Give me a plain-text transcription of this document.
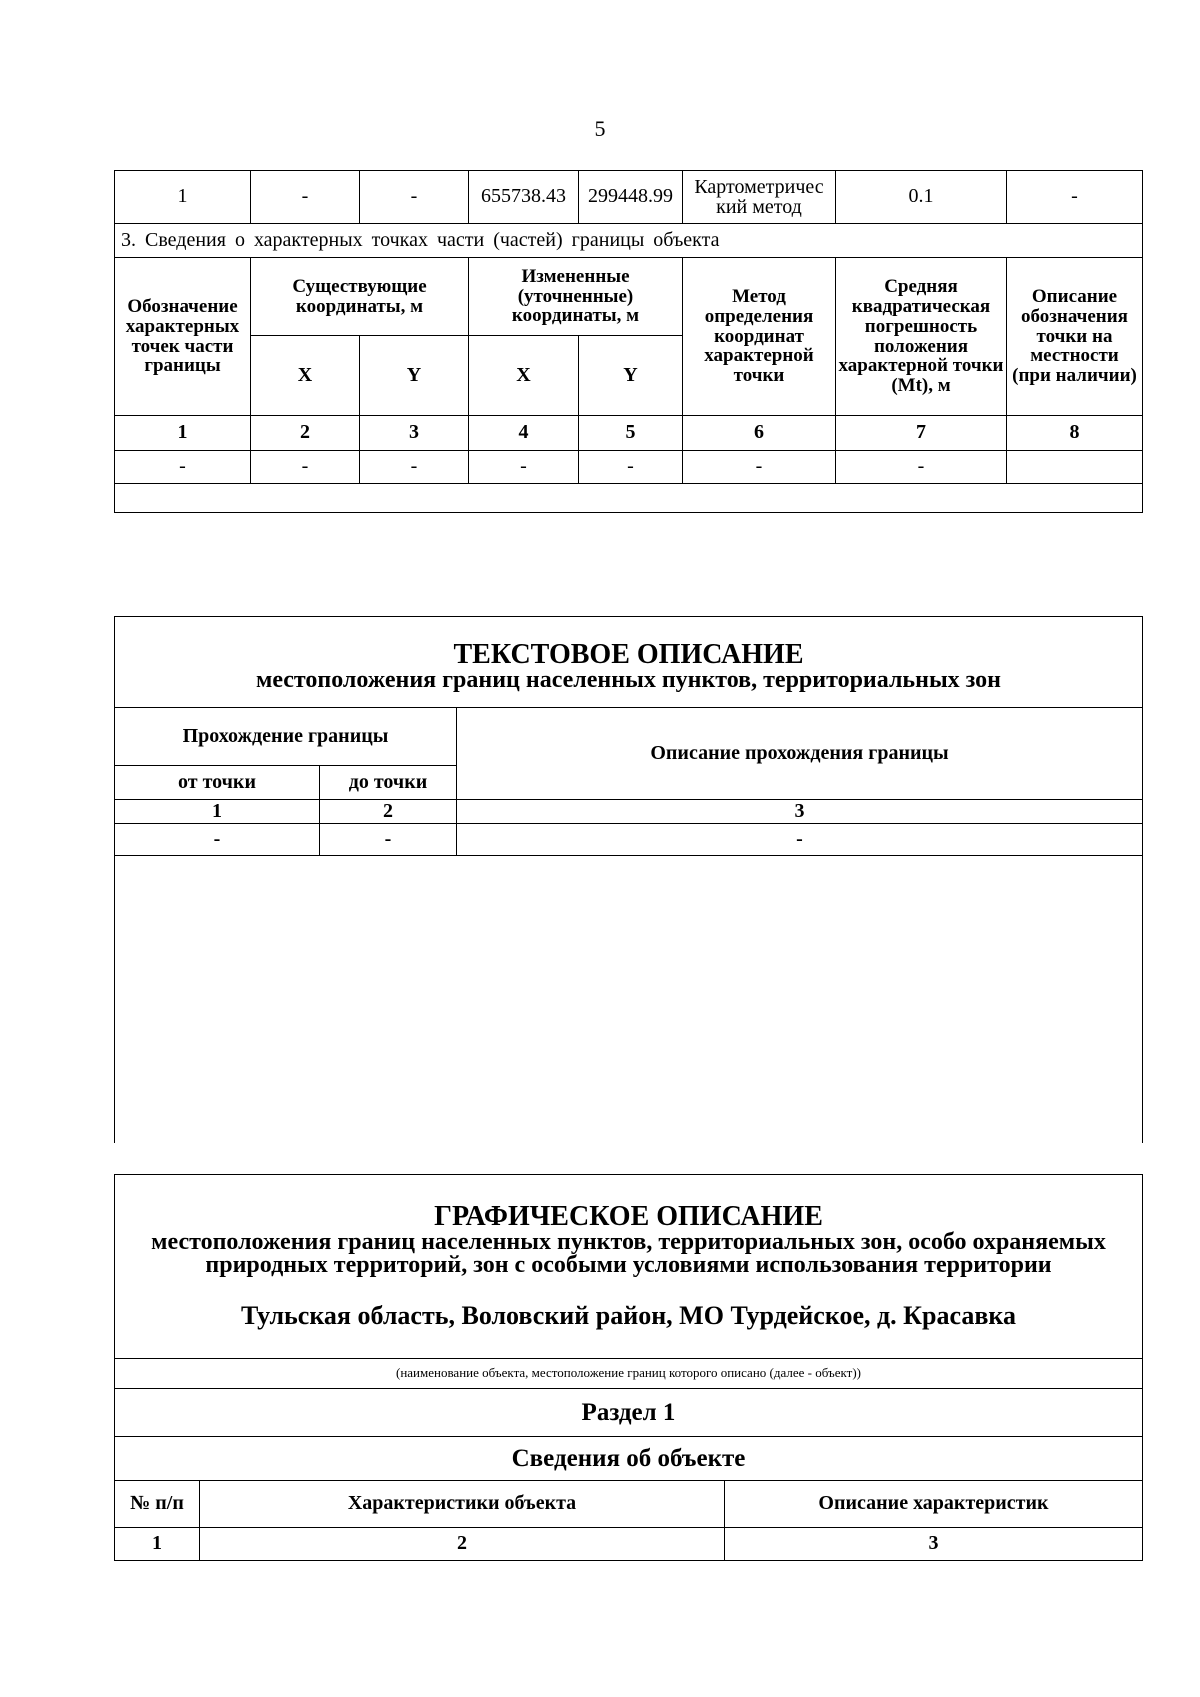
5
1	-	-	655738.43	299448.99	Картометричес кий метод	0.1	-
3. Сведения о характерных точках части (частей) границы объекта							
Обозначение характерных точек части границы	Существующие координаты, м		Измененные (уточненные) координаты, м		Метод определения координат характерной точки	Средняя квадратическая погрешность положения характерной точки (Mt), м	Описание обозначения точки на местности (при наличии)
	X	Y	X	Y			
1	2	3	4	5	6	7	8
-	-	-	-	-	-	-	

ТЕКСТОВОЕ ОПИСАНИЕ
местоположения границ населенных пунктов, территориальных зон		

Прохождение границы		Описание прохождения границы
от точки	до точки	
1	2	3
-	-	-

ГРАФИЧЕСКОЕ ОПИСАНИЕ
местоположения границ населенных пунктов, территориальных зон, особо охраняемых природных территорий, зон с особыми условиями использования территории
Тульская область, Воловский район, МО Турдейское, д. Красавка		

(наименование объекта, местоположение границ которого описано (далее - объект))		
Раздел 1		
Сведения об объекте		
№ п/п	Характеристики объекта	Описание характеристик
1	2	3
